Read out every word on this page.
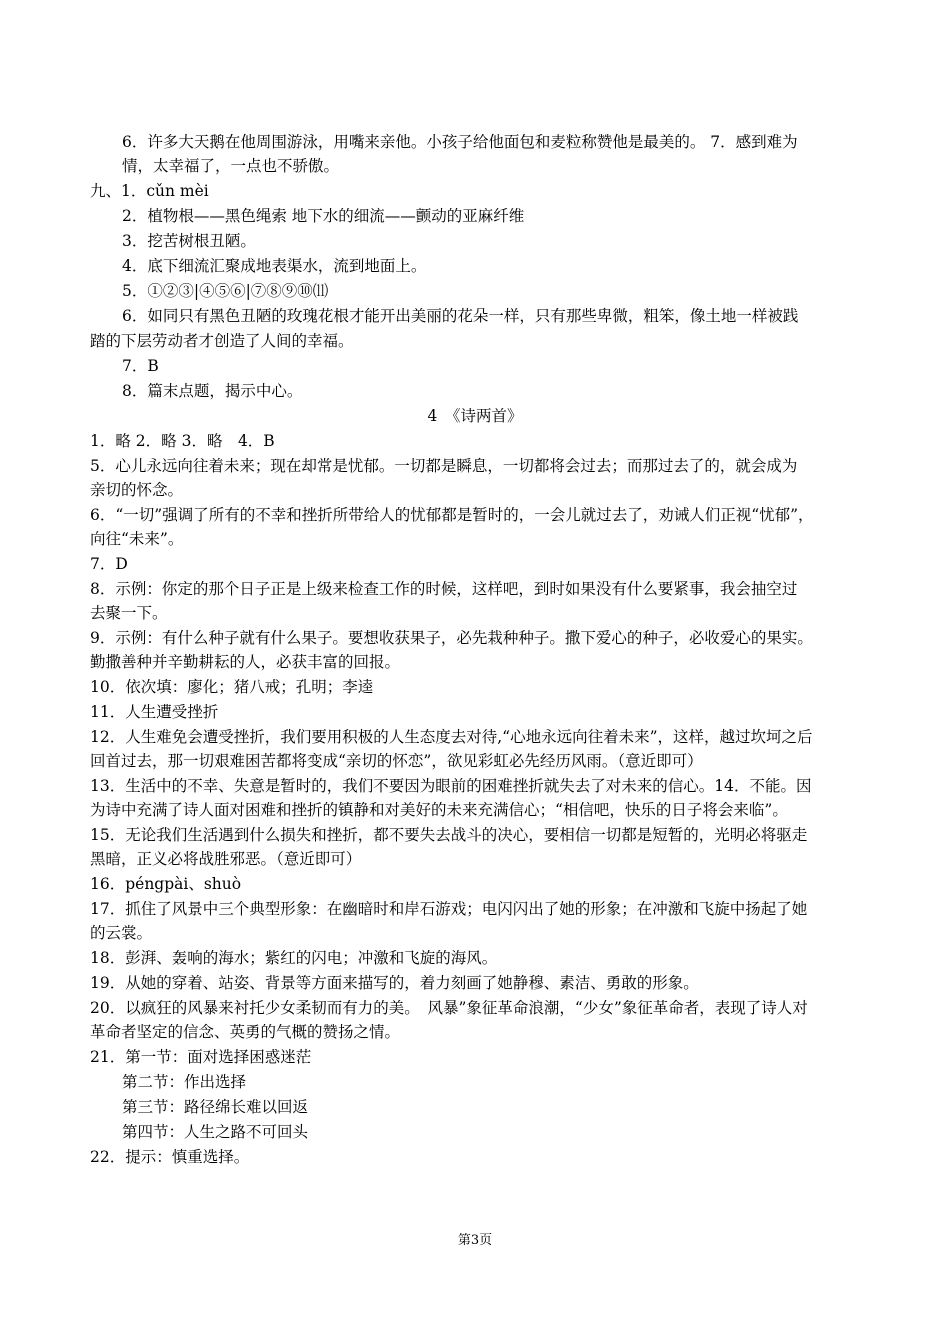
6．许多大天鹅在他周围游泳，用嘴来亲他。小孩子给他面包和麦粒称赞他是最美的。 7．感到难为
情，太幸福了，一点也不骄傲。
九、1．cǔn mèi
2．植物根——黑色绳索 地下水的细流——颤动的亚麻纤维
3．挖苦树根丑陋。
4．底下细流汇聚成地表渠水，流到地面上。
5．①②③|④⑤⑥|⑦⑧⑨⑩⑾
6．如同只有黑色丑陋的玫瑰花根才能开出美丽的花朵一样，只有那些卑微，粗笨，像土地一样被践
踏的下层劳动者才创造了人间的幸福。
7．B
8．篇末点题，揭示中心。
4　《诗两首》
1．略 2．略 3．略　4．B
5．心儿永远向往着未来；现在却常是忧郁。一切都是瞬息，一切都将会过去；而那过去了的，就会成为
亲切的怀念。
6．“一切”强调了所有的不幸和挫折所带给人的忧郁都是暂时的，一会儿就过去了，劝诫人们正视“忧郁”，
向往“未来”。
7．D
8．示例：你定的那个日子正是上级来检查工作的时候，这样吧，到时如果没有什么要紧事，我会抽空过
去聚一下。
9．示例：有什么种子就有什么果子。要想收获果子，必先栽种种子。撒下爱心的种子，必收爱心的果实。
勤撒善种并辛勤耕耘的人，必获丰富的回报。
10．依次填：廖化；猪八戒；孔明；李逵
11．人生遭受挫折
12．人生难免会遭受挫折，我们要用积极的人生态度去对待,“心地永远向往着未来”，这样，越过坎坷之后
回首过去，那一切艰难困苦都将变成“亲切的怀恋”，欲见彩虹必先经历风雨。（意近即可）
13．生活中的不幸、失意是暂时的，我们不要因为眼前的困难挫折就失去了对未来的信心。14．不能。因
为诗中充满了诗人面对困难和挫折的镇静和对美好的未来充满信心；“相信吧，快乐的日子将会来临”。
15．无论我们生活遇到什么损失和挫折，都不要失去战斗的决心，要相信一切都是短暂的，光明必将驱走
黑暗，正义必将战胜邪恶。（意近即可）
16．péngpài、shuò
17．抓住了风景中三个典型形象：在幽暗时和岸石游戏；电闪闪出了她的形象；在冲激和飞旋中扬起了她
的云裳。
18．彭湃、轰响的海水；紫红的闪电；冲激和飞旋的海风。
19．从她的穿着、站姿、背景等方面来描写的，着力刻画了她静穆、素洁、勇敢的形象。
20．以疯狂的风暴来衬托少女柔韧而有力的美。　风暴”象征革命浪潮，“少女”象征革命者，表现了诗人对
革命者坚定的信念、英勇的气概的赞扬之情。
21．第一节：面对选择困惑迷茫
第二节：作出选择
第三节：路径绵长难以回返
第四节：人生之路不可回头
22．提示：慎重选择。
第3页
